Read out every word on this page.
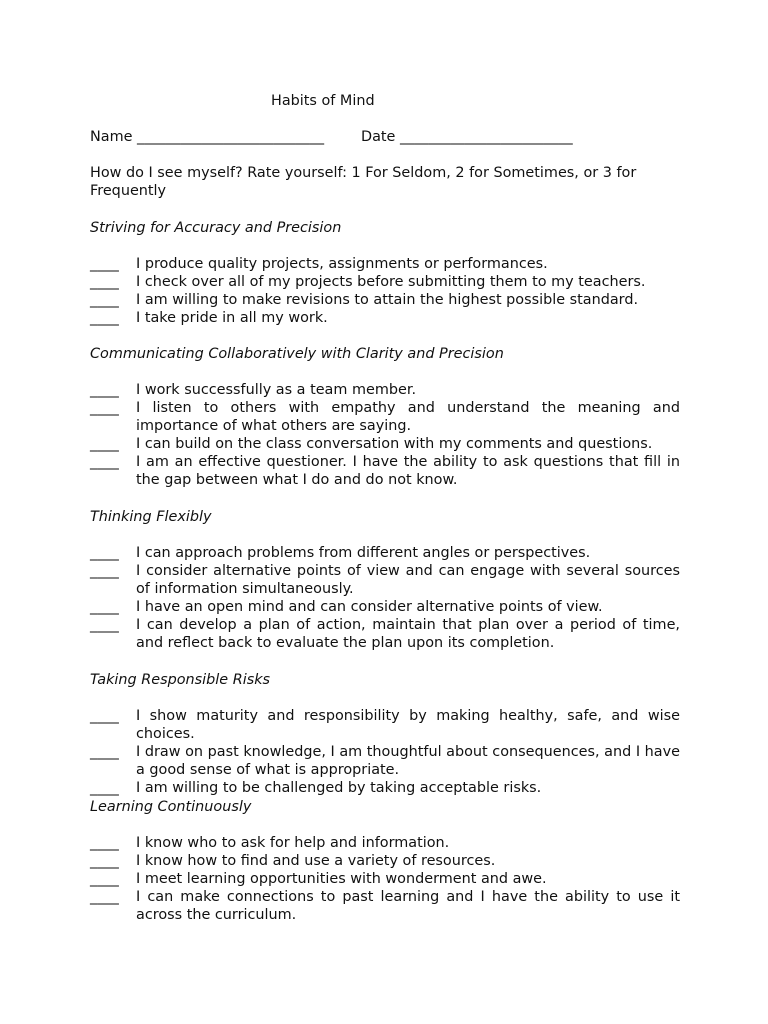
Habits of Mind
Name __________________________	Date ________________________
How do I see myself? Rate yourself: 1 For Seldom, 2 for Sometimes, or 3 for Frequently
Striving for Accuracy and Precision
____	I produce quality projects, assignments or performances.
____	I check over all of my projects before submitting them to my teachers.
____	I am willing to make revisions to attain the highest possible standard.
____	I take pride in all my work.
Communicating Collaboratively with Clarity and Precision
____	I work successfully as a team member.
____	I listen to others with empathy and understand the meaning and importance of what others are saying.
____	I can build on the class conversation with my comments and questions.
____	I am an effective questioner. I have the ability to ask questions that fill in the gap between what I do and do not know.
Thinking Flexibly
____	I can approach problems from different angles or perspectives.
____	I consider alternative points of view and can engage with several sources of information simultaneously.
____	I have an open mind and can consider alternative points of view.
____	I can develop a plan of action, maintain that plan over a period of time, and reflect back to evaluate the plan upon its completion.
Taking Responsible Risks
____	I show maturity and responsibility by making healthy, safe, and wise choices.
____	I draw on past knowledge, I am thoughtful about consequences, and I have a good sense of what is appropriate.
____	I am willing to be challenged by taking acceptable risks.
Learning Continuously
____	I know who to ask for help and information.
____	I know how to find and use a variety of resources.
____	I meet learning opportunities with wonderment and awe.
____	I can make connections to past learning and I have the ability to use it across the curriculum.
